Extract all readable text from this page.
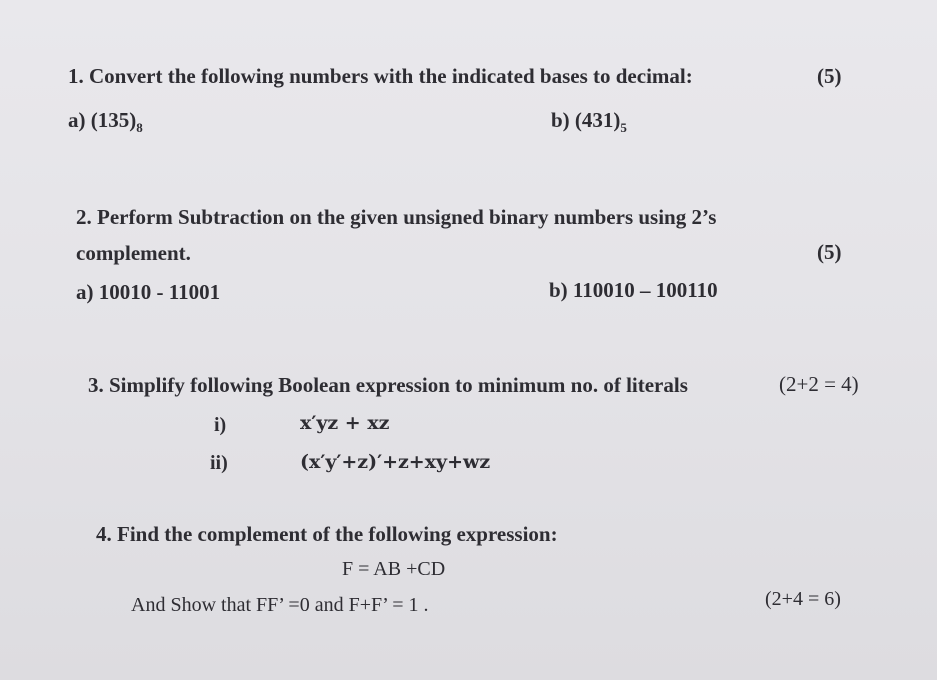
1. Convert the following numbers with the indicated bases to decimal:	(5)
a) $(135)_8$	b) $(431)_5$
2. Perform Subtraction on the given unsigned binary numbers using 2’s
complement.	(5)
a) 10010 - 11001	b) 110010 – 100110
3. Simplify following Boolean expression to minimum no. of literals	(2+2 = 4)
i)	x′yz + xz
ii)	(x′y′+z)′+z+xy+wz
4. Find the complement of the following expression:
F = AB +CD
And Show that FF’ =0 and F+F’ = 1 .	(2+4 = 6)
